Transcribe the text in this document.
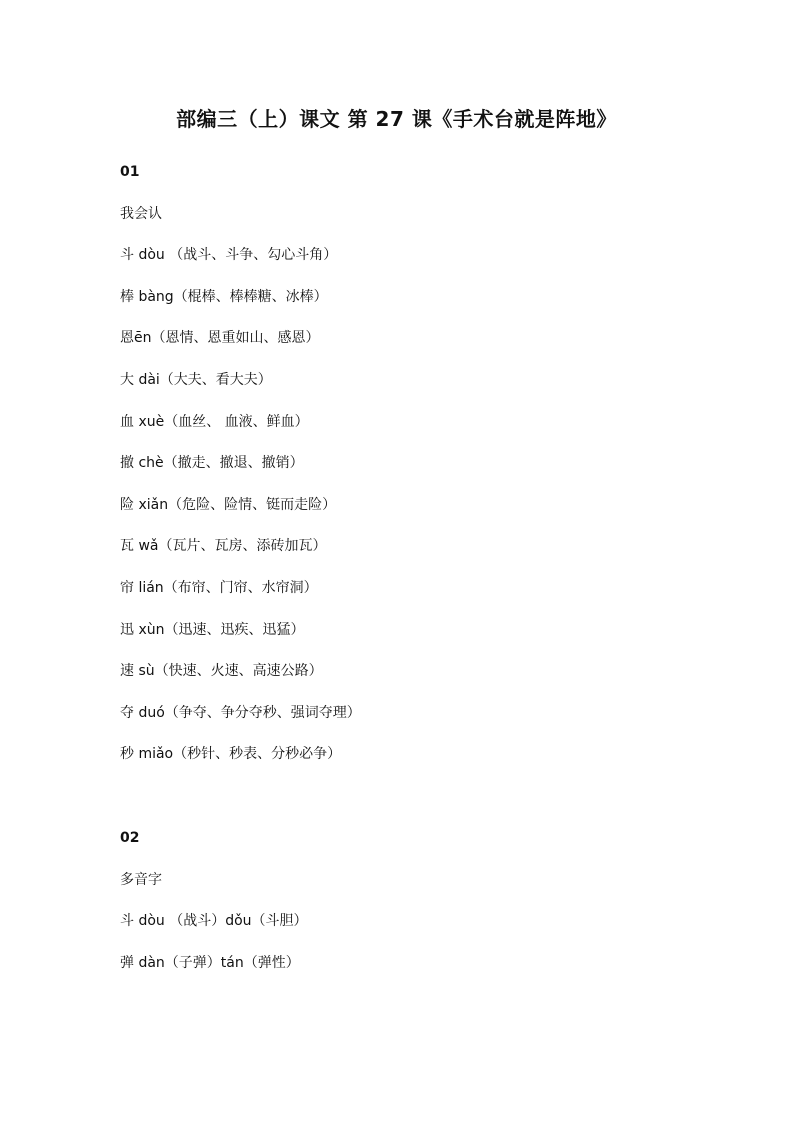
部编三（上）课文 第 27 课《手术台就是阵地》
01
我会认
斗 dòu （战斗、斗争、勾心斗角）
棒 bàng（棍棒、棒棒糖、冰棒）
恩ēn（恩情、恩重如山、感恩）
大 dài（大夫、看大夫）
血 xuè（血丝、 血液、鲜血）
撤 chè（撤走、撤退、撤销）
险 xiǎn（危险、险情、铤而走险）
瓦 wǎ（瓦片、瓦房、添砖加瓦）
帘 lián（布帘、门帘、水帘洞）
迅 xùn（迅速、迅疾、迅猛）
速 sù（快速、火速、高速公路）
夺 duó（争夺、争分夺秒、强词夺理）
秒 miǎo（秒针、秒表、分秒必争）
02
多音字
斗 dòu （战斗）dǒu（斗胆）
弹 dàn（子弹）tán（弹性）
